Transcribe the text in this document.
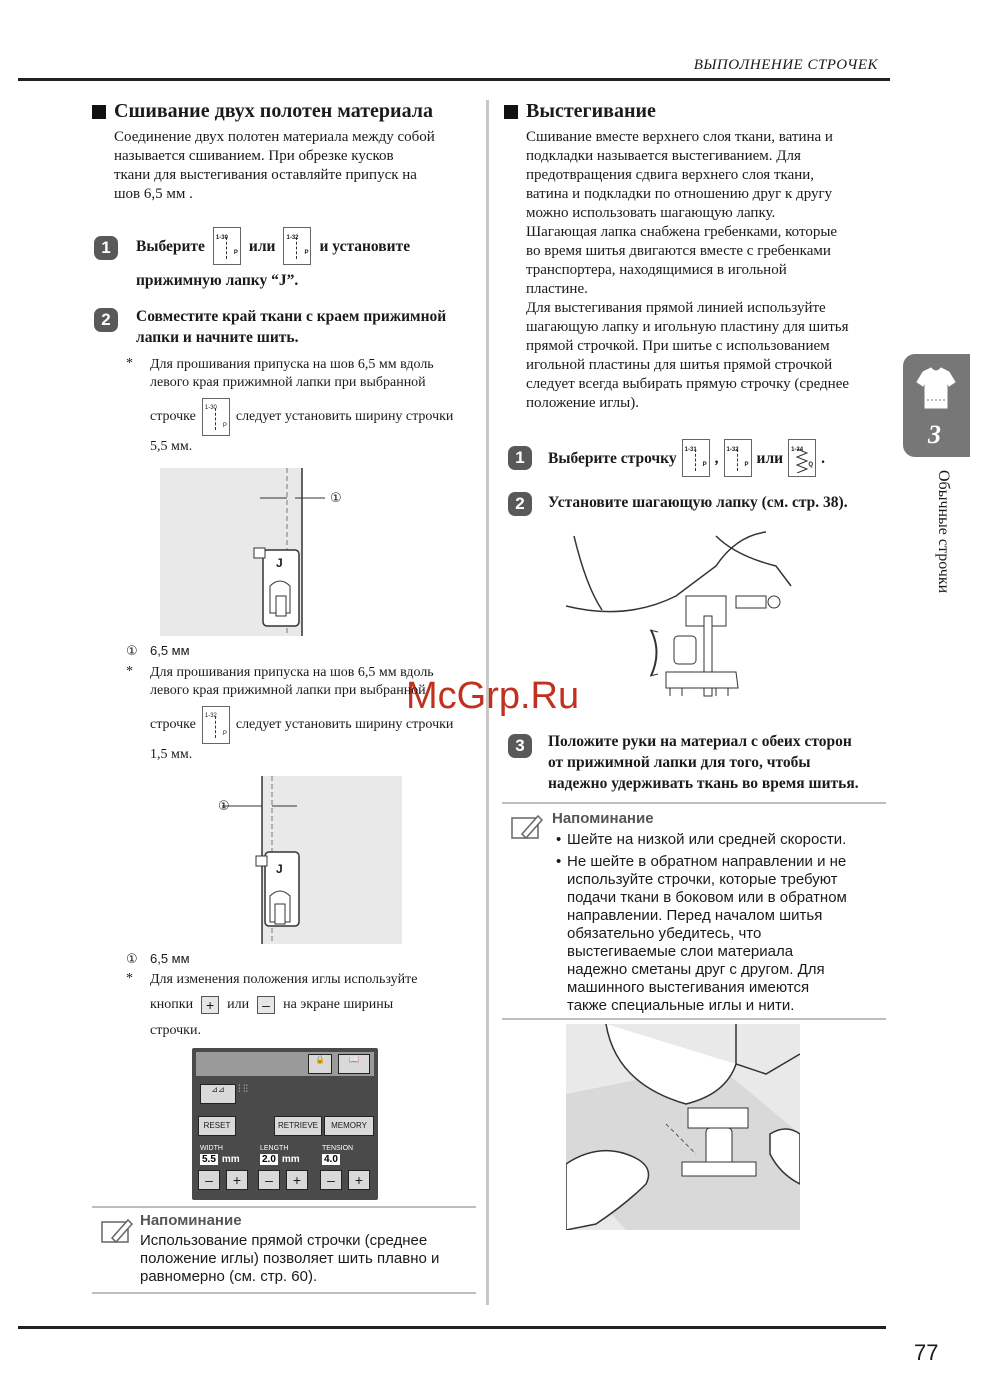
ВЫПОЛНЕНИЕ СТРОЧЕК
77
3
Обычные строчки
McGrp.Ru
Сшивание двух полотен материала
Соединение двух полотен материала между собой
называется сшиванием. При обрезке кусков
ткани для выстегивания оставляйте припуск на
шов 6,5 мм .
1	Выберите 1-30
P или 1-32
P и установите
прижимную лапку “J”.
2	Совместите край ткани с краем прижимной
лапки и начните шить.
* Для прошивания припуска на шов 6,5 мм вдоль
левого края прижимной лапки при выбранной
строчке
1-30
P
следует установить ширину строчки
5,5 мм.
J
①
① 6,5 мм
* Для прошивания припуска на шов 6,5 мм вдоль
левого края прижимной лапки при выбранной
строчке
1-32
P
следует установить ширину строчки
1,5 мм.
J
①
① 6,5 мм
* Для изменения положения иглы используйте
кнопки + или – на экране ширины
строчки.
🔒	📖
⊿⊿	⫶ ⫶⫶
RESET	RETRIEVE	MEMORY
WIDTH
5.5 mm
LENGTH
2.0 mm
TENSION
4.0
–	+	–	+	–	+
Напоминание
Использование прямой строчки (среднее
положение иглы) позволяет шить плавно и
равномерно (см. стр. 60).
Выстегивание
Сшивание вместе верхнего слоя ткани, ватина и
подкладки называется выстегиванием. Для
предотвращения сдвига верхнего слоя ткани,
ватина и подкладки по отношению друг к другу
можно использовать шагающую лапку.
Шагающая лапка снабжена гребенками, которые
во время шитья двигаются вместе с гребенками
транспортера, находящимися в игольной
пластине.
Для выстегивания прямой линией используйте
шагающую лапку и игольную пластину для шитья
прямой строчкой. При шитье с использованием
игольной пластины для шитья прямой строчкой
следует всегда выбирать прямую строчку (среднее
положение иглы).
1	Выберите строчку 1-31
P , 1-32
P или 1-34
Q .
2	Установите шагающую лапку (см. стр. 38).
3	Положите руки на материал с обеих сторон
от прижимной лапки для того, чтобы
надежно удерживать ткань во время шитья.
Напоминание
• Шейте на низкой или средней скорости.
• Не шейте в обратном направлении и не
используйте строчки, которые требуют
подачи ткани в боковом или в обратном
направлении. Перед началом шитья
обязательно убедитесь, что
выстегиваемые слои материала
надежно сметаны друг с другом. Для
машинного выстегивания имеются
также специальные иглы и нити.
